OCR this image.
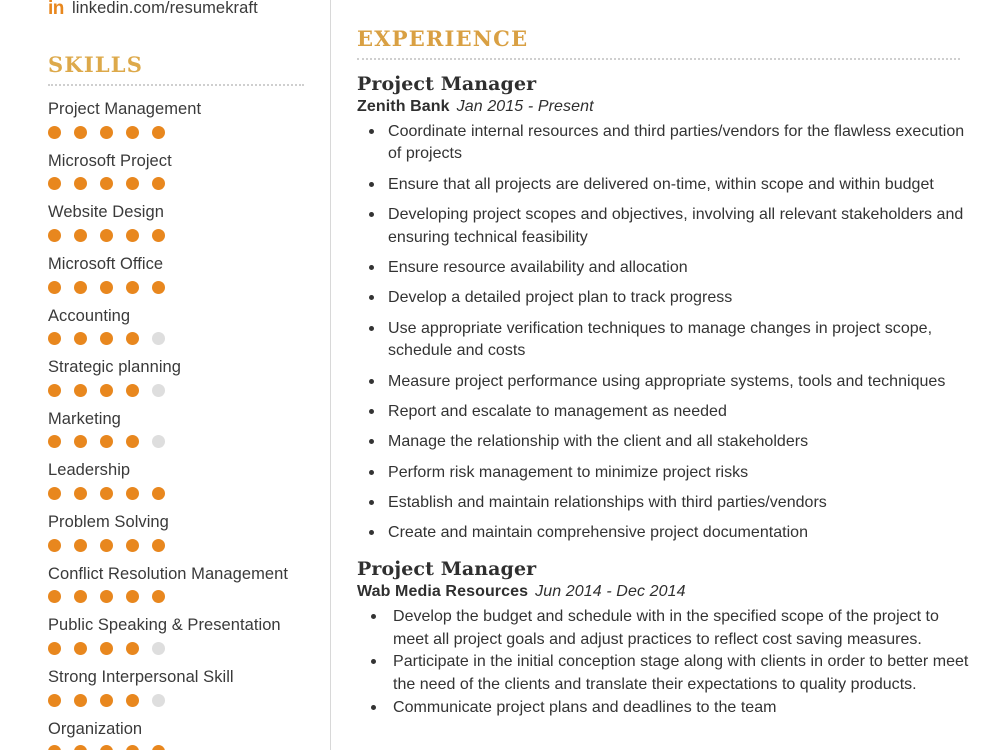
in linkedin.com/resumekraft
SKILLS
Project Management
Microsoft Project
Website Design
Microsoft Office
Accounting
Strategic planning
Marketing
Leadership
Problem Solving
Conflict Resolution Management
Public Speaking & Presentation
Strong Interpersonal Skill
Organization

EXPERIENCE
Project Manager
Zenith Bank Jan 2015 - Present
Coordinate internal resources and third parties/vendors for the flawless execution of projects
Ensure that all projects are delivered on-time, within scope and within budget
Developing project scopes and objectives, involving all relevant stakeholders and ensuring technical feasibility
Ensure resource availability and allocation
Develop a detailed project plan to track progress
Use appropriate verification techniques to manage changes in project scope, schedule and costs
Measure project performance using appropriate systems, tools and techniques
Report and escalate to management as needed
Manage the relationship with the client and all stakeholders
Perform risk management to minimize project risks
Establish and maintain relationships with third parties/vendors
Create and maintain comprehensive project documentation
Project Manager
Wab Media Resources Jun 2014 - Dec 2014
Develop the budget and schedule with in the specified scope of the project to meet all project goals and adjust practices to reflect cost saving measures.
Participate in the initial conception stage along with clients in order to better meet the need of the clients and translate their expectations to quality products.
Communicate project plans and deadlines to the team
